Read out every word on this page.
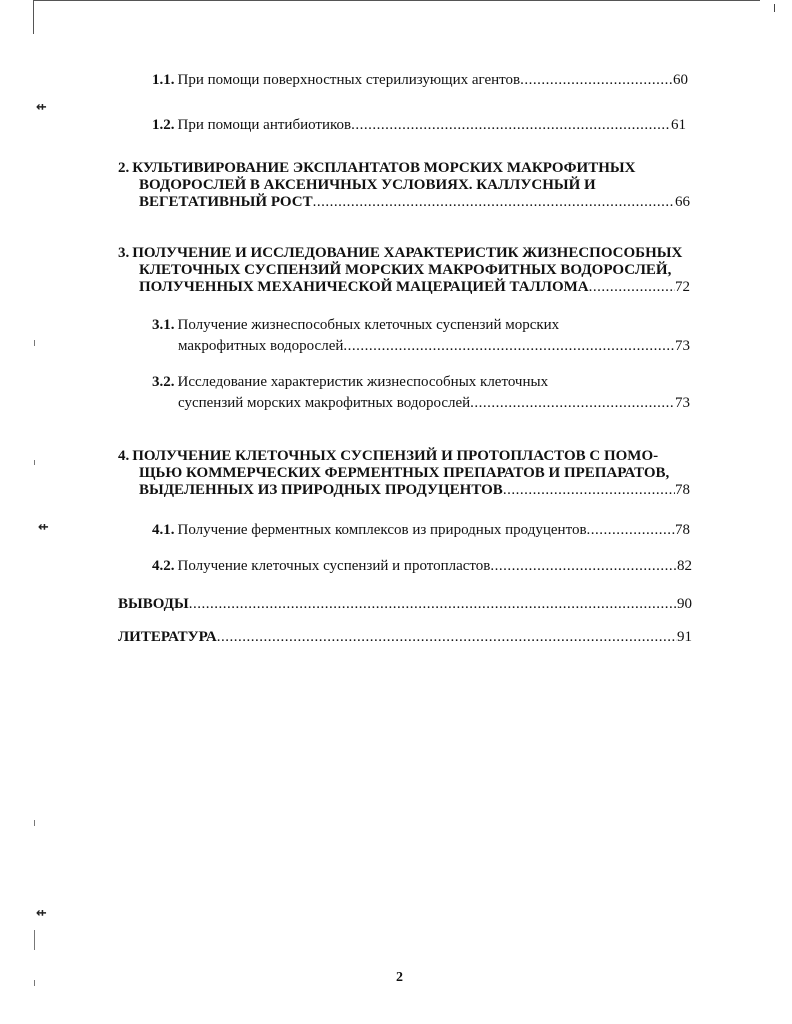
⇷
⇷
⇷
1.1. При помощи поверхностных стерилизующих агентов .....	60
1.2. При помощи антибиотиков .....	61
2. КУЛЬТИВИРОВАНИЕ ЭКСПЛАНТАТОВ МОРСКИХ МАКРОФИТНЫХ
ВОДОРОСЛЕЙ В АКСЕНИЧНЫХ УСЛОВИЯХ. КАЛЛУСНЫЙ И
ВЕГЕТАТИВНЫЙ РОСТ .....	66
3. ПОЛУЧЕНИЕ И ИССЛЕДОВАНИЕ ХАРАКТЕРИСТИК ЖИЗНЕСПОСОБНЫХ
КЛЕТОЧНЫХ СУСПЕНЗИЙ МОРСКИХ МАКРОФИТНЫХ ВОДОРОСЛЕЙ,
ПОЛУЧЕННЫХ МЕХАНИЧЕСКОЙ МАЦЕРАЦИЕЙ ТАЛЛОМА .....	72
3.1. Получение жизнеспособных клеточных суспензий морских
макрофитных водорослей .....	73
3.2. Исследование характеристик жизнеспособных клеточных
суспензий морских макрофитных водорослей .....	73
4. ПОЛУЧЕНИЕ КЛЕТОЧНЫХ СУСПЕНЗИЙ И ПРОТОПЛАСТОВ С ПОМО-
ЩЬЮ КОММЕРЧЕСКИХ ФЕРМЕНТНЫХ ПРЕПАРАТОВ И ПРЕПАРАТОВ,
ВЫДЕЛЕННЫХ ИЗ ПРИРОДНЫХ ПРОДУЦЕНТОВ .....	78
4.1. Получение ферментных комплексов из природных продуцентов .....	78
4.2. Получение клеточных суспензий и протопластов .....	82
ВЫВОДЫ .....	90
ЛИТЕРАТУРА .....	91
2
